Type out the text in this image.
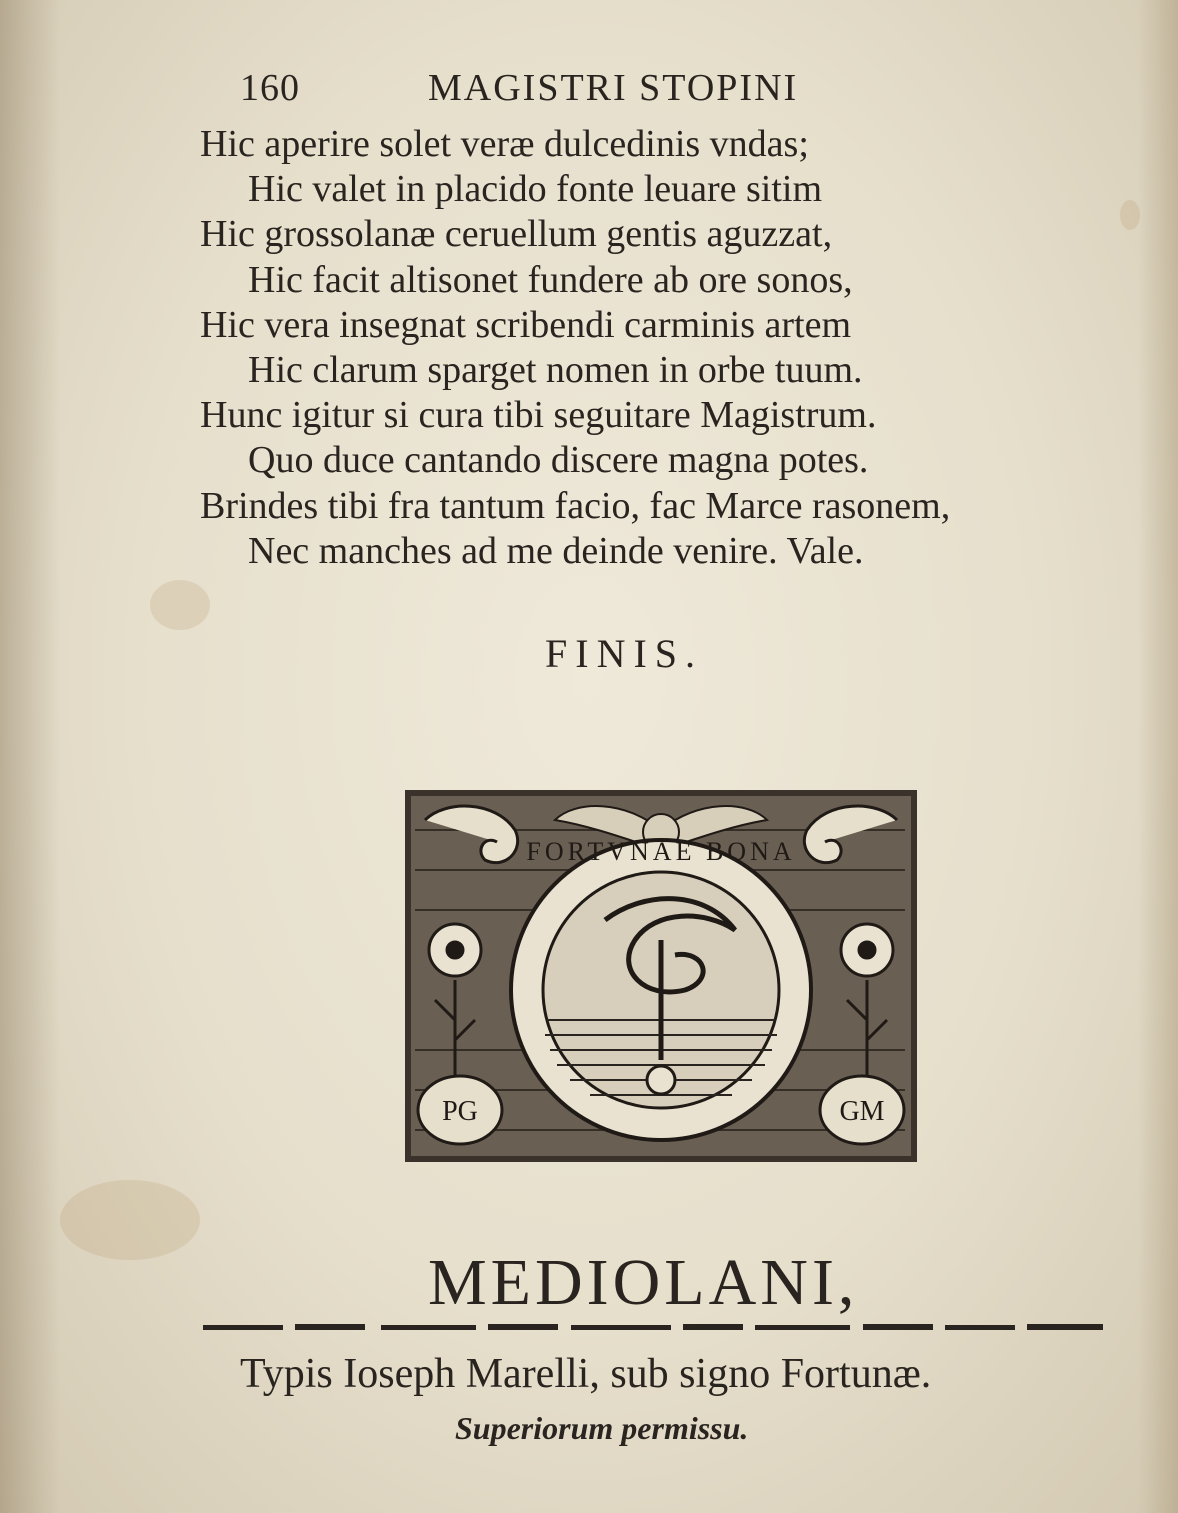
160	MAGISTRI STOPINI
Hic aperire solet veræ dulcedinis vndas;
Hic valet in placido fonte leuare sitim
Hic grossolanæ ceruellum gentis aguzzat,
Hic facit altisonet fundere ab ore sonos,
Hic vera insegnat scribendi carminis artem
Hic clarum sparget nomen in orbe tuum.
Hunc igitur si cura tibi seguitare Magistrum.
Quo duce cantando discere magna potes.
Brindes tibi fra tantum facio, fac Marce rasonem,
Nec manches ad me deinde venire. Vale.
FINIS.
FORTVNAE BONA
PG	GM
MEDIOLANI,
Typis Ioseph Marelli, sub signo Fortunæ.
Superiorum permissu.
